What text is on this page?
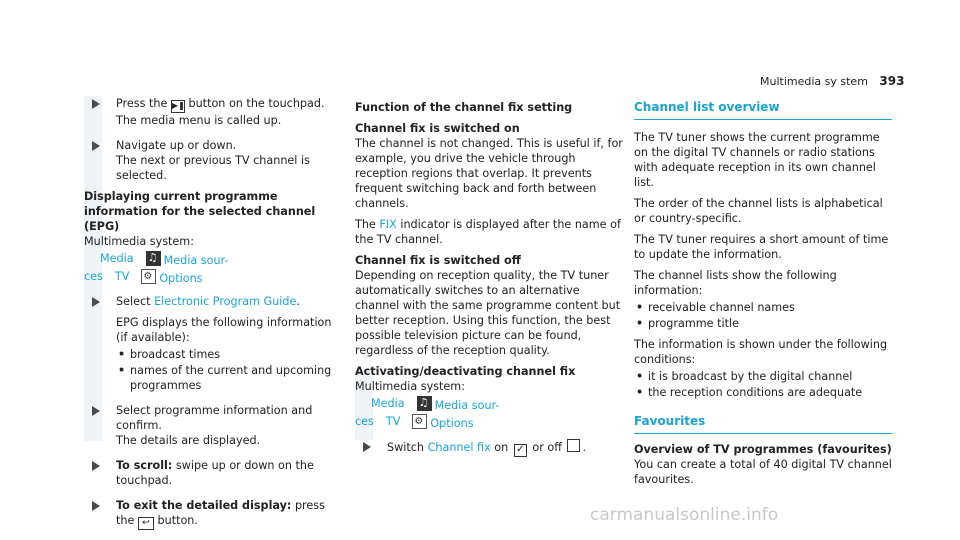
Multimedia sy stem 393

Press the ▶❚ button on the touchpad.

The media menu is called up.

Navigate up or down.

The next or previous TV channel is selected.

Displaying current programme information for the selected channel (EPG)

Multimedia system:

Media ♫	Media sour-
ces TV ⚙	Options

Select Electronic Program Guide.

EPG displays the following information (if available):

• broadcast times
• names of the current and upcoming programmes

Select programme information and confirm.

The details are displayed.

To scroll: swipe up or down on the touchpad.

To exit the detailed display: press the ↩ button.

Function of the channel fix setting

Channel fix is switched on

The channel is not changed. This is useful if, for example, you drive the vehicle through reception regions that overlap. It prevents frequent switching back and forth between channels.

The FIX indicator is displayed after the name of the TV channel.

Channel fix is switched off

Depending on reception quality, the TV tuner automatically switches to an alternative channel with the same programme content but better reception. Using this function, the best possible television picture can be found, regardless of the reception quality.

Activating/deactivating channel fix

Multimedia system:

Media ♫	Media sour-
ces TV ⚙	Options

Switch Channel fix on ✓ or off .

Channel list overview

The TV tuner shows the current programme on the digital TV channels or radio stations with adequate reception in its own channel list.

The order of the channel lists is alphabetical or country-specific.

The TV tuner requires a short amount of time to update the information.

The channel lists show the following information:

• receivable channel names
• programme title

The information is shown under the following conditions:

• it is broadcast by the digital channel
• the reception conditions are adequate

Favourites

Overview of TV programmes (favourites)

You can create a total of 40 digital TV channel favourites.

carmanualsonline.info
